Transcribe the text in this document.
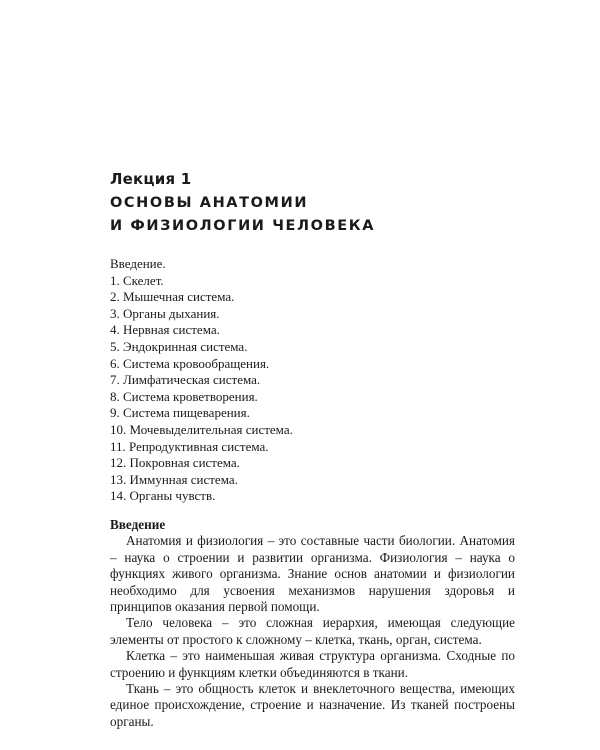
Лекция 1
ОСНОВЫ АНАТОМИИ
И ФИЗИОЛОГИИ ЧЕЛОВЕКА
Введение.
1. Скелет.
2. Мышечная система.
3. Органы дыхания.
4. Нервная система.
5. Эндокринная система.
6. Система кровообращения.
7. Лимфатическая система.
8. Система кроветворения.
9. Система пищеварения.
10. Мочевыделительная система.
11. Репродуктивная система.
12. Покровная система.
13. Иммунная система.
14. Органы чувств.
Введение

Анатомия и физиология – это составные части биологии. Анатомия – наука о строении и развитии организма. Физиология – наука о функциях живого организма. Знание основ анатомии и физиологии необходимо для усвоения механизмов нарушения здоровья и принципов оказания первой помощи.

Тело человека – это сложная иерархия, имеющая следующие элементы от простого к сложному – клетка, ткань, орган, система.

Клетка – это наименьшая живая структура организма. Сходные по строению и функциям клетки объединяются в ткани.

Ткань – это общность клеток и внеклеточного вещества, имеющих единое происхождение, строение и назначение. Из тканей построены органы.
